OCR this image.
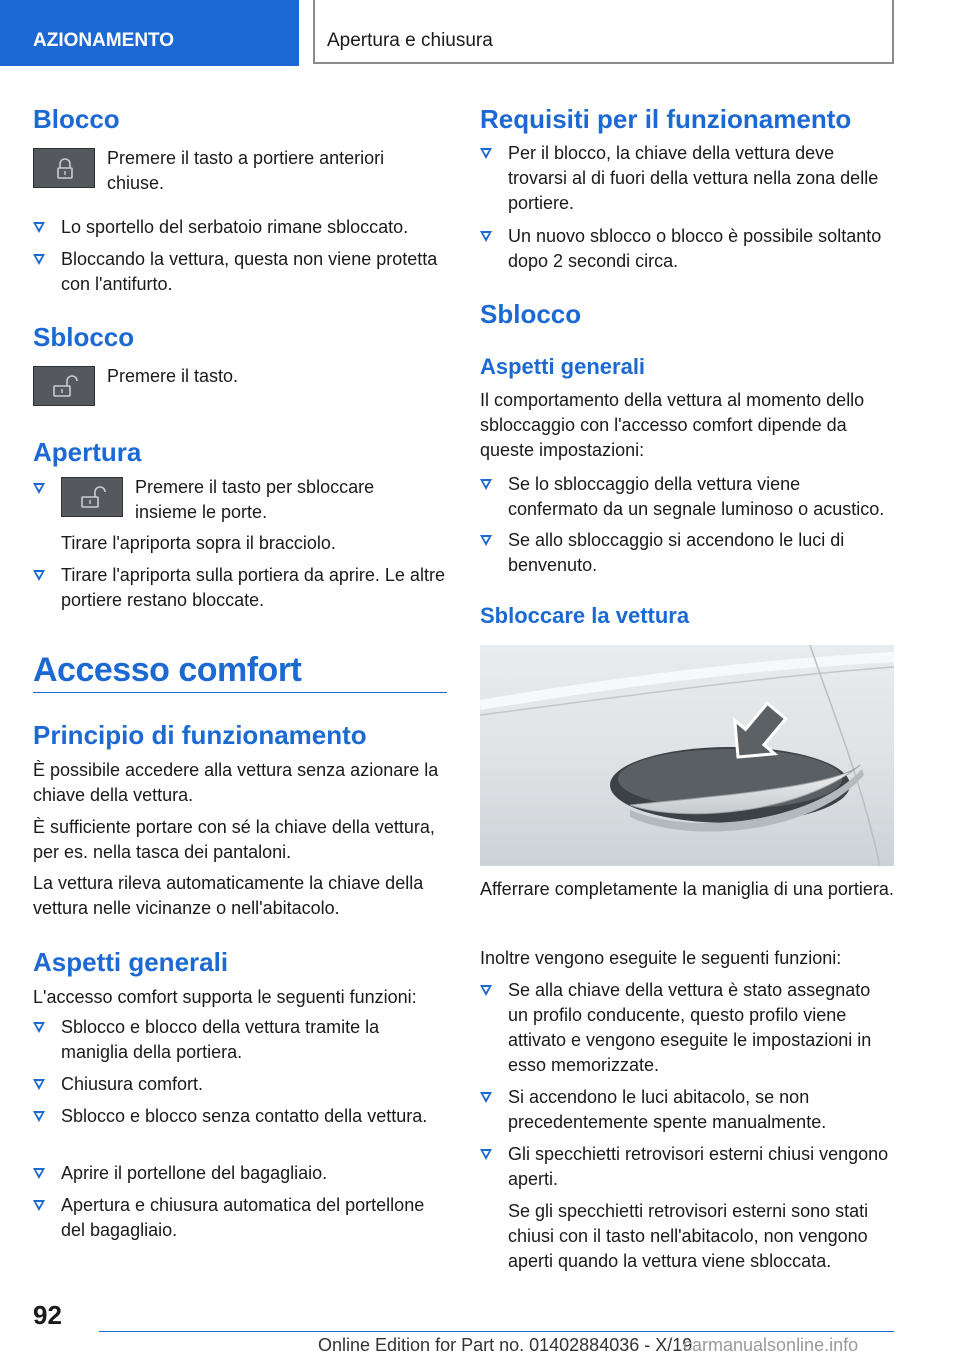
AZIONAMENTO	Apertura e chiusura
Blocco
Premere il tasto a portiere anteriori chiuse.
Lo sportello del serbatoio rimane sbloccato.
Bloccando la vettura, questa non viene protetta con l'antifurto.
Sblocco
Premere il tasto.
Apertura
Premere il tasto per sbloccare insieme le porte.
Tirare l'apriporta sopra il bracciolo.
Tirare l'apriporta sulla portiera da aprire. Le altre portiere restano bloccate.
Accesso comfort
Principio di funzionamento
È possibile accedere alla vettura senza azionare la chiave della vettura.
È sufficiente portare con sé la chiave della vettura, per es. nella tasca dei pantaloni.
La vettura rileva automaticamente la chiave della vettura nelle vicinanze o nell'abitacolo.
Aspetti generali
L'accesso comfort supporta le seguenti funzioni:
Sblocco e blocco della vettura tramite la maniglia della portiera.
Chiusura comfort.
Sblocco e blocco senza contatto della vettura.
Aprire il portellone del bagagliaio.
Apertura e chiusura automatica del portellone del bagagliaio.
Requisiti per il funzionamento
Per il blocco, la chiave della vettura deve trovarsi al di fuori della vettura nella zona delle portiere.
Un nuovo sblocco o blocco è possibile soltanto dopo 2 secondi circa.
Sblocco
Aspetti generali
Il comportamento della vettura al momento dello sbloccaggio con l'accesso comfort dipende da queste impostazioni:
Se lo sbloccaggio della vettura viene confermato da un segnale luminoso o acustico.
Se allo sbloccaggio si accendono le luci di benvenuto.
Sbloccare la vettura
Afferrare completamente la maniglia di una portiera.
Inoltre vengono eseguite le seguenti funzioni:
Se alla chiave della vettura è stato assegnato un profilo conducente, questo profilo viene attivato e vengono eseguite le impostazioni in esso memorizzate.
Si accendono le luci abitacolo, se non precedentemente spente manualmente.
Gli specchietti retrovisori esterni chiusi vengono aperti.
Se gli specchietti retrovisori esterni sono stati chiusi con il tasto nell'abitacolo, non vengono aperti quando la vettura viene sbloccata.
92
Online Edition for Part no. 01402884036 - X/19
carmanualsonline.info
